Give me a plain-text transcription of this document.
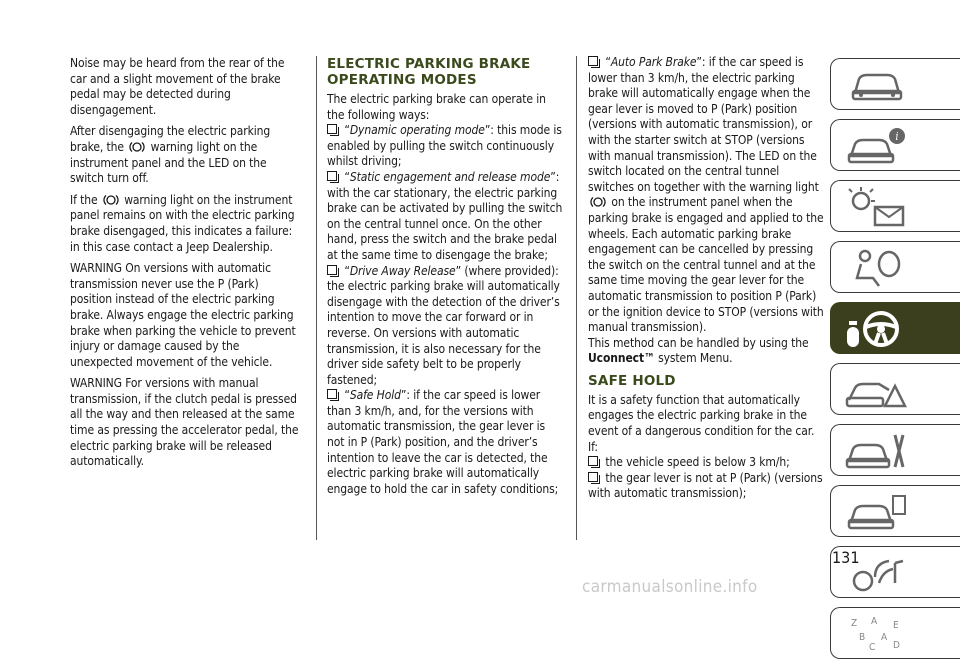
Noise may be heard from the rear of the car and a slight movement of the brake pedal may be detected during disengagement.

After disengaging the electric parking brake, the warning light on the instrument panel and the LED on the switch turn off.

If the warning light on the instrument panel remains on with the electric parking brake disengaged, this indicates a failure: in this case contact a Jeep Dealership.

WARNING On versions with automatic transmission never use the P (Park) position instead of the electric parking brake. Always engage the electric parking brake when parking the vehicle to prevent injury or damage caused by the unexpected movement of the vehicle.

WARNING For versions with manual transmission, if the clutch pedal is pressed all the way and then released at the same time as pressing the accelerator pedal, the electric parking brake will be released automatically.

ELECTRIC PARKING BRAKE OPERATING MODES

The electric parking brake can operate in the following ways:

“Dynamic operating mode”: this mode is enabled by pulling the switch continuously whilst driving;

“Static engagement and release mode”: with the car stationary, the electric parking brake can be activated by pulling the switch on the central tunnel once. On the other hand, press the switch and the brake pedal at the same time to disengage the brake;

“Drive Away Release” (where provided): the electric parking brake will automatically disengage with the detection of the driver’s intention to move the car forward or in reverse. On versions with automatic transmission, it is also necessary for the driver side safety belt to be properly fastened;

“Safe Hold”: if the car speed is lower than 3 km/h, and, for the versions with automatic transmission, the gear lever is not in P (Park) position, and the driver’s intention to leave the car is detected, the electric parking brake will automatically engage to hold the car in safety conditions;

“Auto Park Brake”: if the car speed is lower than 3 km/h, the electric parking brake will automatically engage when the gear lever is moved to P (Park) position (versions with automatic transmission), or with the starter switch at STOP (versions with manual transmission). The LED on the switch located on the central tunnel switches on together with the warning light  on the instrument panel when the parking brake is engaged and applied to the wheels. Each automatic parking brake engagement can be cancelled by pressing the switch on the central tunnel and at the same time moving the gear lever for the automatic transmission to position P (Park) or the ignition device to STOP (versions with manual transmission).

This method can be handled by using the Uconnect™ system Menu.

SAFE HOLD

It is a safety function that automatically engages the electric parking brake in the event of a dangerous condition for the car.

If:

the vehicle speed is below 3 km/h;

the gear lever is not at P (Park) (versions with automatic transmission);

i
Z A E
B A
C D
131
carmanualsonline.info
